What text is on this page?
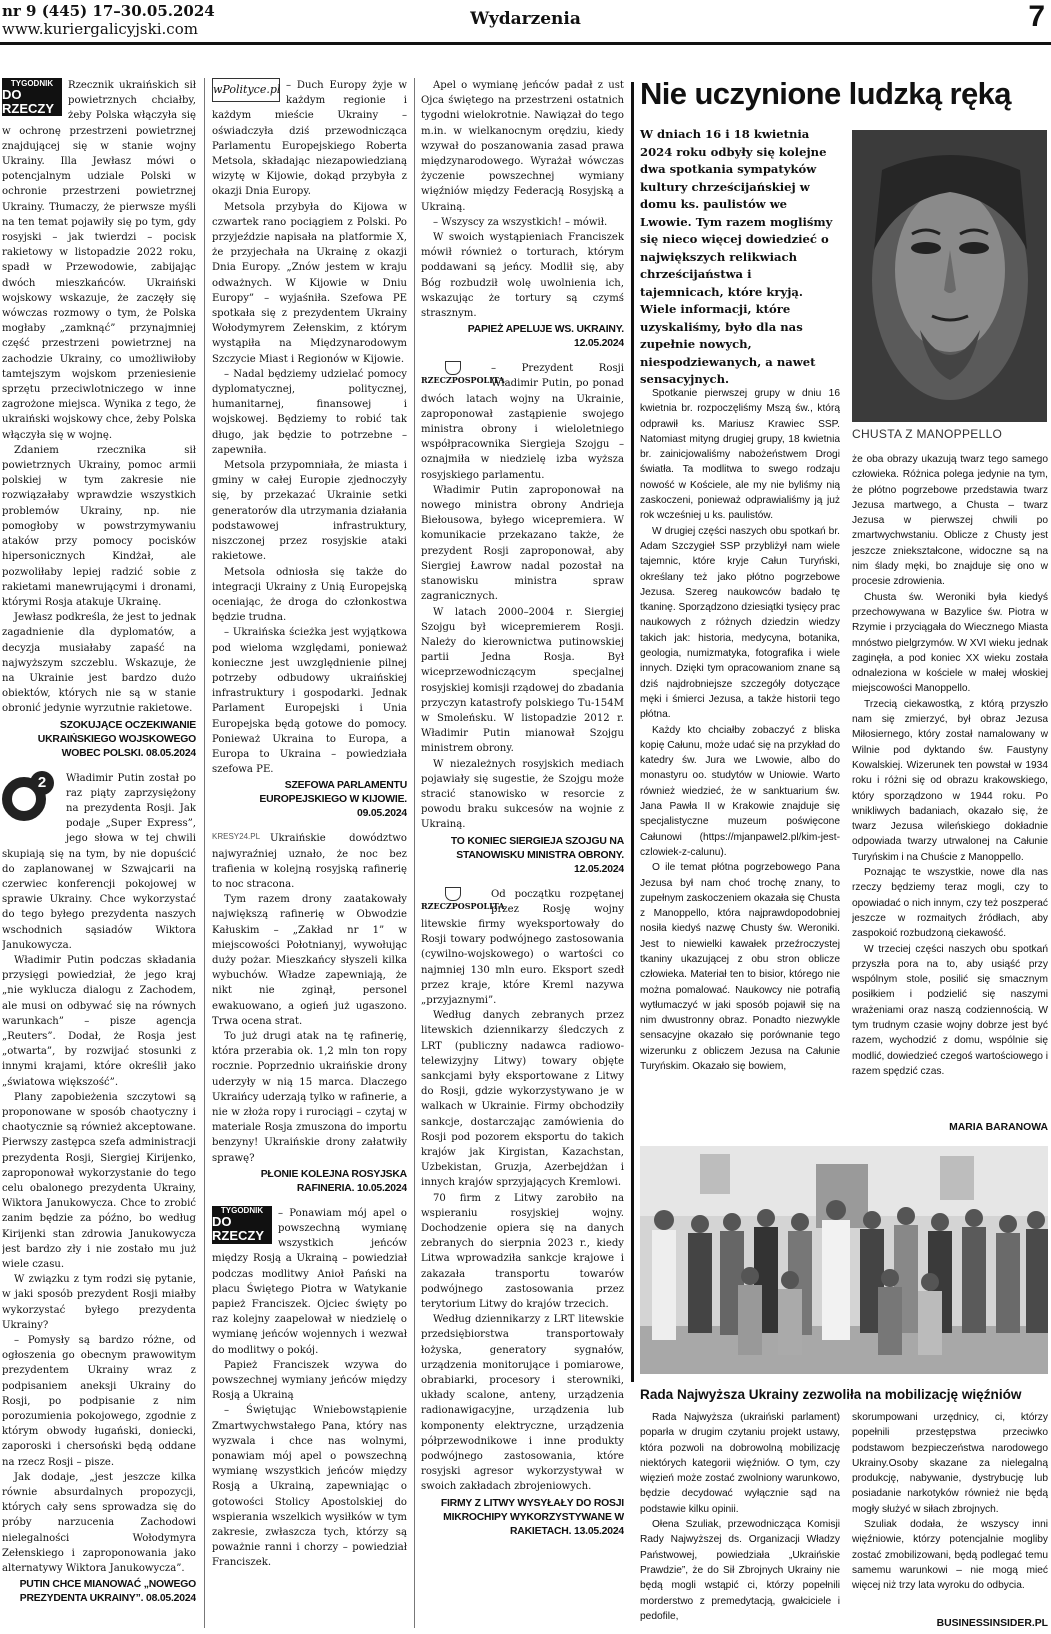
nr 9 (445) 17–30.05.2024
www.kuriergalicyjski.com	Wydarzenia	7
TYGODNIK
DO RZECZY

Rzecznik ukraińskich sił powietrznych chciałby, żeby Polska włączyła się w ochronę przestrzeni powietrznej znajdującej się w stanie wojny Ukrainy. Illa Jewłasz mówi o potencjalnym udziale Polski w ochronie przestrzeni powietrznej Ukrainy. Tłumaczy, że pierwsze myśli na ten temat pojawiły się po tym, gdy rosyjski – jak twierdzi – pocisk rakietowy w listopadzie 2022 roku, spadł w Przewodowie, zabijając dwóch mieszkańców. Ukraiński wojskowy wskazuje, że zaczęły się wówczas rozmowy o tym, że Polska mogłaby „zamknąć” przynajmniej część przestrzeni powietrznej na zachodzie Ukrainy, co umożliwiłoby tamtejszym wojskom przeniesienie sprzętu przeciwlotniczego w inne zagrożone miejsca. Wynika z tego, że ukraiński wojskowy chce, żeby Polska włączyła się w wojnę.

Zdaniem rzecznika sił powietrznych Ukrainy, pomoc armii polskiej w tym zakresie nie rozwiązałaby wprawdzie wszystkich problemów Ukrainy, np. nie pomogłoby w powstrzymywaniu ataków przy pomocy pocisków hipersonicznych Kindżał, ale pozwoliłaby lepiej radzić sobie z rakietami manewrującymi i dronami, którymi Rosja atakuje Ukrainę.

Jewłasz podkreśla, że jest to jednak zagadnienie dla dyplomatów, a decyzja musiałaby zapaść na najwyższym szczeblu. Wskazuje, że na Ukrainie jest bardzo dużo obiektów, których nie są w stanie obronić jedynie wyrzutnie rakietowe.

SZOKUJĄCE OCZEKIWANIE UKRAIŃSKIEGO WOJSKOWEGO WOBEC POLSKI. 08.05.2024
2	Władimir Putin został po raz piąty zaprzysiężony na prezydenta Rosji. Jak podaje „Super Express”, jego słowa w tej chwili skupiają się na tym, by nie dopuścić do zaplanowanej w Szwajcarii na czerwiec konferencji pokojowej w sprawie Ukrainy. Chce wykorzystać do tego byłego prezydenta naszych wschodnich sąsiadów Wiktora Janukowycza.

Władimir Putin podczas składania przysięgi powiedział, że jego kraj „nie wyklucza dialogu z Zachodem, ale musi on odbywać się na równych warunkach” – pisze agencja „Reuters”. Dodał, że Rosja jest „otwarta”, by rozwijać stosunki z innymi krajami, które określił jako „światowa większość”.

Plany zapobieżenia szczytowi są proponowane w sposób chaotyczny i chaotycznie są również akceptowane. Pierwszy zastępca szefa administracji prezydenta Rosji, Siergiej Kirijenko, zaproponował wykorzystanie do tego celu obalonego prezydenta Ukrainy, Wiktora Janukowycza. Chce to zrobić zanim będzie za późno, bo według Kirijenki stan zdrowia Janukowycza jest bardzo zły i nie zostało mu już wiele czasu.

W związku z tym rodzi się pytanie, w jaki sposób prezydent Rosji miałby wykorzystać byłego prezydenta Ukrainy?

– Pomysły są bardzo różne, od ogłoszenia go obecnym prawowitym prezydentem Ukrainy wraz z podpisaniem aneksji Ukrainy do Rosji, po podpisanie z nim porozumienia pokojowego, zgodnie z którym obwody ługański, doniecki, zaporoski i chersoński będą oddane na rzecz Rosji – pisze.

Jak dodaje, „jest jeszcze kilka równie absurdalnych propozycji, których cały sens sprowadza się do próby narzucenia Zachodowi nielegalności Wołodymyra Zełenskiego i zaproponowania jako alternatywy Wiktora Janukowycza”.

PUTIN CHCE MIANOWAĆ „NOWEGO PREZYDENTA UKRAINY”. 08.05.2024
wPolityce.pl – Duch Europy żyje w każdym regionie i każdym mieście Ukrainy – oświadczyła dziś przewodnicząca Parlamentu Europejskiego Roberta Metsola, składając niezapowiedzianą wizytę w Kijowie, dokąd przybyła z okazji Dnia Europy.

Metsola przybyła do Kijowa w czwartek rano pociągiem z Polski. Po przyjeździe napisała na platformie X, że przyjechała na Ukrainę z okazji Dnia Europy. „Znów jestem w kraju odważnych. W Kijowie w Dniu Europy” – wyjaśniła. Szefowa PE spotkała się z prezydentem Ukrainy Wołodymyrem Zełenskim, z którym wystąpiła na Międzynarodowym Szczycie Miast i Regionów w Kijowie.

– Nadal będziemy udzielać pomocy dyplomatycznej, politycznej, humanitarnej, finansowej i wojskowej. Będziemy to robić tak długo, jak będzie to potrzebne – zapewniła.

Metsola przypomniała, że miasta i gminy w całej Europie zjednoczyły się, by przekazać Ukrainie setki generatorów dla utrzymania działania podstawowej infrastruktury, niszczonej przez rosyjskie ataki rakietowe.

Metsola odniosła się także do integracji Ukrainy z Unią Europejską oceniając, że droga do członkostwa będzie trudna.

– Ukraińska ścieżka jest wyjątkowa pod wieloma względami, ponieważ konieczne jest uwzględnienie pilnej potrzeby odbudowy ukraińskiej infrastruktury i gospodarki. Jednak Parlament Europejski i Unia Europejska będą gotowe do pomocy. Ponieważ Ukraina to Europa, a Europa to Ukraina – powiedziała szefowa PE.

SZEFOWA PARLAMENTU EUROPEJSKIEGO W KIJOWIE. 09.05.2024
KRESY24.PL Ukraińskie dowództwo najwyraźniej uznało, że noc bez trafienia w kolejną rosyjską rafinerię to noc stracona.

Tym razem drony zaatakowały największą rafinerię w Obwodzie Kałuskim – „Zakład nr 1” w miejscowości Połotnianyj, wywołując duży pożar. Mieszkańcy słyszeli kilka wybuchów. Władze zapewniają, że nikt nie zginął, personel ewakuowano, a ogień już ugaszono. Trwa ocena strat.

To już drugi atak na tę rafinerię, która przerabia ok. 1,2 mln ton ropy rocznie. Poprzednio ukraińskie drony uderzyły w nią 15 marca. Dlaczego Ukraińcy uderzają tylko w rafinerie, a nie w złoża ropy i rurociągi – czytaj w materiale Rosja zmuszona do importu benzyny! Ukraińskie drony załatwiły sprawę?

PŁONIE KOLEJNA ROSYJSKA RAFINERIA. 10.05.2024
TYGODNIK
DO RZECZY

– Ponawiam mój apel o powszechną wymianę wszystkich jeńców między Rosją a Ukrainą – powiedział podczas modlitwy Anioł Pański na placu Świętego Piotra w Watykanie papież Franciszek. Ojciec święty po raz kolejny zaapelował w niedzielę o wymianę jeńców wojennych i wezwał do modlitwy o pokój.

Papież Franciszek wzywa do powszechnej wymiany jeńców między Rosją a Ukrainą

– Świętując Wniebowstąpienie Zmartwychwstałego Pana, który nas wyzwala i chce nas wolnymi, ponawiam mój apel o powszechną wymianę wszystkich jeńców między Rosją a Ukrainą, zapewniając o gotowości Stolicy Apostolskiej do wspierania wszelkich wysiłków w tym zakresie, zwłaszcza tych, którzy są poważnie ranni i chorzy – powiedział Franciszek.

Apel o wymianę jeńców padał z ust Ojca świętego na przestrzeni ostatnich tygodni wielokrotnie. Nawiązał do tego m.in. w wielkanocnym orędziu, kiedy wzywał do poszanowania zasad prawa międzynarodowego. Wyrażał wówczas życzenie powszechnej wymiany więźniów między Federacją Rosyjską a Ukrainą.

– Wszyscy za wszystkich! – mówił.

W swoich wystąpieniach Franciszek mówił również o torturach, którym poddawani są jeńcy. Modlił się, aby Bóg rozbudził wolę uwolnienia ich, wskazując że tortury są czymś strasznym.

PAPIEŻ APELUJE WS. UKRAINY. 12.05.2024
RZECZPOSPOLITA

– Prezydent Rosji Władimir Putin, po ponad dwóch latach wojny na Ukrainie, zaproponował zastąpienie swojego ministra obrony i wieloletniego współpracownika Siergieja Szojgu – oznajmiła w niedzielę izba wyższa rosyjskiego parlamentu.

Władimir Putin zaproponował na nowego ministra obrony Andrieja Biełousowa, byłego wicepremiera. W komunikacie przekazano także, że prezydent Rosji zaproponował, aby Siergiej Ławrow nadal pozostał na stanowisku ministra spraw zagranicznych.

W latach 2000–2004 r. Siergiej Szojgu był wicepremierem Rosji. Należy do kierownictwa putinowskiej partii Jedna Rosja. Był wiceprzewodniczącym specjalnej rosyjskiej komisji rządowej do zbadania przyczyn katastrofy polskiego Tu-154M w Smoleńsku. W listopadzie 2012 r. Władimir Putin mianował Szojgu ministrem obrony.

W niezależnych rosyjskich mediach pojawiały się sugestie, że Szojgu może stracić stanowisko w resorcie z powodu braku sukcesów na wojnie z Ukrainą.

TO KONIEC SIERGIEJA SZOJGU NA STANOWISKU MINISTRA OBRONY. 12.05.2024
RZECZPOSPOLITA

Od początku rozpętanej przez Rosję wojny litewskie firmy wyeksportowały do Rosji towary podwójnego zastosowania (cywilno-wojskowego) o wartości co najmniej 130 mln euro. Eksport szedł przez kraje, które Kreml nazywa „przyjaznymi”.

Według danych zebranych przez litewskich dziennikarzy śledczych z LRT (publiczny nadawca radiowo-telewizyjny Litwy) towary objęte sankcjami były eksportowane z Litwy do Rosji, gdzie wykorzystywano je w walkach w Ukrainie. Firmy obchodziły sankcje, dostarczając zamówienia do Rosji pod pozorem eksportu do takich krajów jak Kirgistan, Kazachstan, Uzbekistan, Gruzja, Azerbejdżan i innych krajów sprzyjających Kremlowi.

70 firm z Litwy zarobiło na wspieraniu rosyjskiej wojny. Dochodzenie opiera się na danych zebranych do sierpnia 2023 r., kiedy Litwa wprowadziła sankcje krajowe i zakazała transportu towarów podwójnego zastosowania przez terytorium Litwy do krajów trzecich.

Według dziennikarzy z LRT litewskie przedsiębiorstwa transportowały łożyska, generatory sygnałów, urządzenia monitorujące i pomiarowe, obrabiarki, procesory i sterowniki, układy scalone, anteny, urządzenia radionawigacyjne, urządzenia lub komponenty elektryczne, urządzenia półprzewodnikowe i inne produkty podwójnego zastosowania, które rosyjski agresor wykorzystywał w swoich zakładach zbrojeniowych.

FIRMY Z LITWY WYSYŁAŁY DO ROSJI MIKROCHIPY WYKORZYSTYWANE W RAKIETACH. 13.05.2024
Nie uczynione ludzką ręką
W dniach 16 i 18 kwietnia 2024 roku odbyły się kolejne dwa spotkania sympatyków kultury chrześcijańskiej w domu ks. paulistów we Lwowie. Tym razem mogliśmy się nieco więcej dowiedzieć o największych relikwiach chrześcijaństwa i tajemnicach, które kryją. Wiele informacji, które uzyskaliśmy, było dla nas zupełnie nowych, niespodziewanych, a nawet sensacyjnych.
CHUSTA Z MANOPPELLO

Spotkanie pierwszej grupy w dniu 16 kwietnia br. rozpoczęliśmy Mszą św., którą odprawił ks. Mariusz Krawiec SSP. Natomiast mityng drugiej grupy, 18 kwietnia br. zainicjowaliśmy nabożeństwem Drogi światła. Ta modlitwa to swego rodzaju nowość w Kościele, ale my nie byliśmy nią zaskoczeni, ponieważ odprawialiśmy ją już rok wcześniej u ks. paulistów.

W drugiej części naszych obu spotkań br. Adam Szczygieł SSP przybliżył nam wiele tajemnic, które kryje Całun Turyński, określany też jako płótno pogrzebowe Jezusa. Szereg naukowców badało tę tkaninę. Sporządzono dziesiątki tysięcy prac naukowych z różnych dziedzin wiedzy takich jak: historia, medycyna, botanika, geologia, numizmatyka, fotografika i wiele innych. Dzięki tym opracowaniom znane są dziś najdrobniejsze szczegóły dotyczące męki i śmierci Jezusa, a także historii tego płótna.

Każdy kto chciałby zobaczyć z bliska kopię Całunu, może udać się na przykład do katedry św. Jura we Lwowie, albo do monastyru oo. studytów w Uniowie. Warto również wiedzieć, że w sanktuarium św. Jana Pawła II w Krakowie znajduje się specjalistyczne muzeum poświęcone Całunowi (https://mjanpawel2.pl/kim-jest-czlowiek-z-calunu).

O ile temat płótna pogrzebowego Pana Jezusa był nam choć trochę znany, to zupełnym zaskoczeniem okazała się Chusta z Manoppello, która najprawdopodobniej nosiła kiedyś nazwę Chusty św. Weroniki. Jest to niewielki kawałek przeźroczystej tkaniny ukazującej z obu stron oblicze człowieka. Materiał ten to bisior, którego nie można pomalować. Naukowcy nie potrafią wytłumaczyć w jaki sposób pojawił się na nim dwustronny obraz. Ponadto niezwykle sensacyjne okazało się porównanie tego wizerunku z obliczem Jezusa na Całunie Turyńskim. Okazało się bowiem,

że oba obrazy ukazują twarz tego samego człowieka. Różnica polega jedynie na tym, że płótno pogrzebowe przedstawia twarz Jezusa martwego, a Chusta – twarz Jezusa w pierwszej chwili po zmartwychwstaniu. Oblicze z Chusty jest jeszcze zniekształcone, widoczne są na nim ślady męki, bo znajduje się ono w procesie zdrowienia.

Chusta św. Weroniki była kiedyś przechowywana w Bazylice św. Piotra w Rzymie i przyciągała do Wiecznego Miasta mnóstwo pielgrzymów. W XVI wieku jednak zaginęła, a pod koniec XX wieku została odnaleziona w kościele w małej włoskiej miejscowości Manoppello.

Trzecią ciekawostką, z którą przyszło nam się zmierzyć, był obraz Jezusa Miłosiernego, który został namalowany w Wilnie pod dyktando św. Faustyny Kowalskiej. Wizerunek ten powstał w 1934 roku i różni się od obrazu krakowskiego, który sporządzono w 1944 roku. Po wnikliwych badaniach, okazało się, że twarz Jezusa wileńskiego dokładnie odpowiada twarzy utrwalonej na Całunie Turyńskim i na Chuście z Manoppello.

Poznając te wszystkie, nowe dla nas rzeczy będziemy teraz mogli, czy to opowiadać o nich innym, czy też poszperać jeszcze w rozmaitych źródłach, aby zaspokoić rozbudzoną ciekawość.

W trzeciej części naszych obu spotkań przyszła pora na to, aby usiąść przy wspólnym stole, posilić się smacznym posiłkiem i podzielić się naszymi wrażeniami oraz naszą codziennością. W tym trudnym czasie wojny dobrze jest być razem, wychodzić z domu, wspólnie się modlić, dowiedzieć czegoś wartościowego i razem spędzić czas.

MARIA BARANOWA
Rada Najwyższa Ukrainy zezwoliła na mobilizację więźniów

Rada Najwyższa (ukraiński parlament) poparła w drugim czytaniu projekt ustawy, która pozwoli na dobrowolną mobilizację niektórych kategorii więźniów. O tym, czy więzień może zostać zwolniony warunkowo, będzie decydować wyłącznie sąd na podstawie kilku opinii.

Ołena Szuliak, przewodnicząca Komisji Rady Najwyższej ds. Organizacji Władzy Państwowej, powiedziała „Ukraińskie Prawdzie”, że do Sił Zbrojnych Ukrainy nie będą mogli wstąpić ci, którzy popełnili morderstwo z premedytacją, gwałciciele i pedofile,

skorumpowani urzędnicy, ci, którzy popełnili przestępstwa przeciwko podstawom bezpieczeństwa narodowego Ukrainy.Osoby skazane za nielegalną produkcję, nabywanie, dystrybucję lub posiadanie narkotyków również nie będą mogły służyć w siłach zbrojnych.

Szuliak dodała, że wszyscy inni więźniowie, którzy potencjalnie mogliby zostać zmobilizowani, będą podlegać temu samemu warunkowi – nie mogą mieć więcej niż trzy lata wyroku do odbycia.

BUSINESSINSIDER.PL
